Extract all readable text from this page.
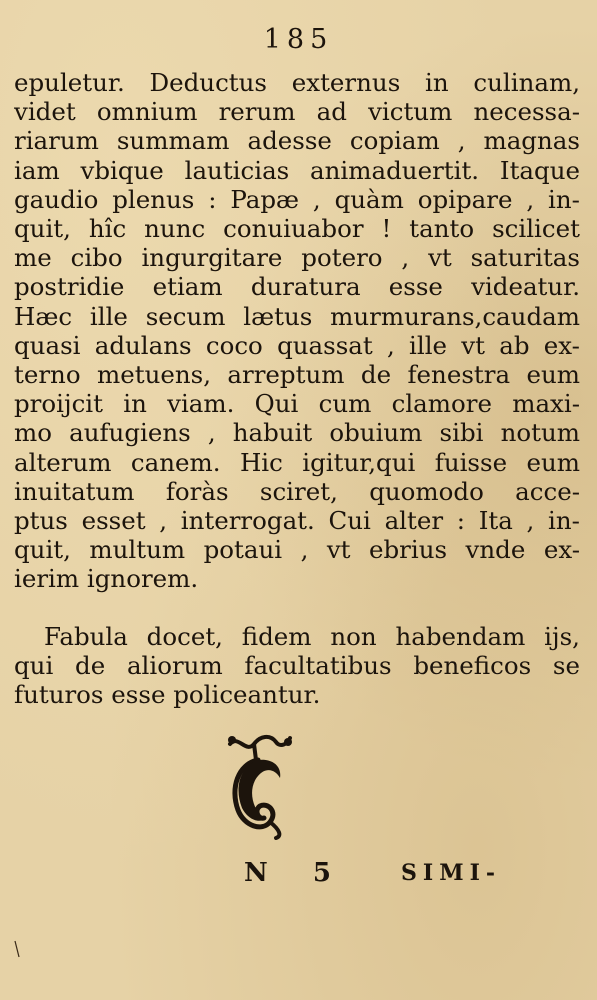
185
epuletur. Deductus externus in culinam,
videt omnium rerum ad victum necessa-
riarum summam adesse copiam , magnas
iam vbique lauticias animaduertit. Itaque
gaudio plenus : Papæ , quàm opipare , in-
quit, hîc nunc conuiuabor ! tanto scilicet
me cibo ingurgitare potero , vt saturitas
postridie etiam duratura esse videatur.
Hæc ille secum lætus murmurans,caudam
quasi adulans coco quassat , ille vt ab ex-
terno metuens, arreptum de fenestra eum
proijcit in viam. Qui cum clamore maxi-
mo aufugiens , habuit obuium sibi notum
alterum canem. Hic igitur,qui fuisse eum
inuitatum foràs sciret, quomodo acce-
ptus esset , interrogat. Cui alter : Ita , in-
quit, multum potaui , vt ebrius vnde ex-
ierim ignorem.
Fabula docet, fidem non habendam ijs,
qui de aliorum facultatibus beneficos se
futuros esse policeantur.
N 5 SIMI-
